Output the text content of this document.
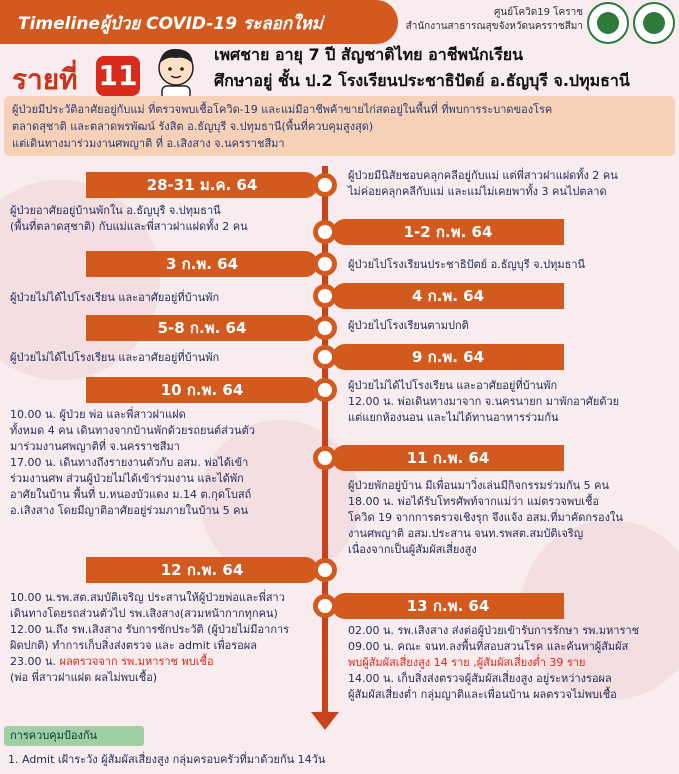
Timelineผู้ป่วย COVID-19 ระลอกใหม่
ศูนย์โควิด19 โคราช
สำนักงานสาธารณสุขจังหวัดนครราชสีมา
รายที่ 11
เพศชาย อายุ 7 ปี สัญชาติไทย อาชีพนักเรียน
ศึกษาอยู่ ชั้น ป.2 โรงเรียนประชาธิปัตย์ อ.ธัญบุรี จ.ปทุมธานี
ผู้ป่วยมีประวัติอาศัยอยู่กับแม่ ที่ตรวจพบเชื้อโควิด-19 และแม่มีอาชีพค้าขายไก่สดอยู่ในพื้นที่ ที่พบการระบาดของโรค
ตลาดสุชาติ และตลาดพรพัฒน์ รังสิต อ.ธัญบุรี จ.ปทุมธานี(พื้นที่ควบคุมสูงสุด)
แต่เดินทางมาร่วมงานศพญาติ ที่ อ.เสิงสาง จ.นครราชสีมา
28-31 ม.ค. 64
1-2 ก.พ. 64
3 ก.พ. 64
4 ก.พ. 64
5-8 ก.พ. 64
9 ก.พ. 64
10 ก.พ. 64
11 ก.พ. 64
12 ก.พ. 64
13 ก.พ. 64
ผู้ป่วยมีนิสัยชอบคลุกคลีอยู่กับแม่ แต่พี่สาวฝาแฝดทั้ง 2 คน
ไม่ค่อยคลุกคลีกับแม่ และแม่ไม่เคยพาทั้ง 3 คนไปตลาด
ผู้ป่วยอาศัยอยู่บ้านพักใน อ.ธัญบุรี จ.ปทุมธานี
(พื้นที่ตลาดสุชาติ) กับแม่และพี่สาวฝาแฝดทั้ง 2 คน
ผู้ป่วยไปโรงเรียนประชาธิปัตย์ อ.ธัญบุรี จ.ปทุมธานี
ผู้ป่วยไม่ได้ไปโรงเรียน และอาศัยอยู่ที่บ้านพัก
ผู้ป่วยไปโรงเรียนตามปกติ
ผู้ป่วยไม่ได้ไปโรงเรียน และอาศัยอยู่ที่บ้านพัก
ผู้ป่วยไม่ได้ไปโรงเรียน และอาศัยอยู่ที่บ้านพัก
12.00 น. พ่อเดินทางมาจาก จ.นครนายก มาพักอาศัยด้วย
แต่แยกห้องนอน และไม่ได้ทานอาหารร่วมกัน
10.00 น. ผู้ป่วย พ่อ และพี่สาวฝาแฝด
ทั้งหมด 4 คน เดินทางจากบ้านพักด้วยรถยนต์ส่วนตัว
มาร่วมงานศพญาติที่ จ.นครราชสีมา
17.00 น. เดินทางถึงรายงานตัวกับ อสม. พ่อได้เข้า
ร่วมงานศพ ส่วนผู้ป่วยไม่ได้เข้าร่วมงาน และได้พัก
อาศัยในบ้าน พื้นที่ บ.หนองบัวแดง ม.14 ต.กุดโบสถ์
อ.เสิงสาง โดยมีญาติอาศัยอยู่ร่วมภายในบ้าน 5 คน
ผู้ป่วยพักอยู่บ้าน มีเพื่อนมาวิ่งเล่นมีกิจกรรมร่วมกัน 5 คน
18.00 น. พ่อได้รับโทรศัพท์จากแม่ว่า แม่ตรวจพบเชื้อ
โควิด 19 จากการตรวจเชิงรุก จึงแจ้ง อสม.ที่มาคัดกรองใน
งานศพญาติ อสม.ประสาน จนท.รพสต.สมบัติเจริญ
เนื่องจากเป็นผู้สัมผัสเสี่ยงสูง
10.00 น.รพ.สต.สมบัติเจริญ ประสานให้ผู้ป่วยพ่อและพี่สาว
เดินทางโดยรถส่วนตัวไป รพ.เสิงสาง(สวมหน้ากากทุกคน)
12.00 น.ถึง รพ.เสิงสาง รับการซักประวัติ (ผู้ป่วยไม่มีอาการ
ผิดปกติ) ทำการเก็บสิ่งส่งตรวจ และ admit เพื่อรอผล
23.00 น. ผลตรวจจาก รพ.มหาราช พบเชื้อ
(พ่อ พี่สาวฝาแฝด ผลไม่พบเชื้อ)
02.00 น. รพ.เสิงสาง ส่งต่อผู้ป่วยเข้ารับการรักษา รพ.มหาราช
09.00 น. คณะ จนท.ลงพื้นที่สอบสวนโรค และค้นหาผู้สัมผัส
พบผู้สัมผัสเสี่ยงสูง 14 ราย ,ผู้สัมผัสเสี่ยงต่ำ 39 ราย
14.00 น. เก็บสิ่งส่งตรวจผู้สัมผัสเสี่ยงสูง อยู่ระหว่างรอผล
ผู้สัมผัสเสี่ยงต่ำ กลุ่มญาติและเพื่อนบ้าน ผลตรวจไม่พบเชื้อ
การควบคุมป้องกัน
1. Admit เฝ้าระวัง ผู้สัมผัสเสี่ยงสูง กลุ่มครอบครัวที่มาด้วยกัน 14วัน
